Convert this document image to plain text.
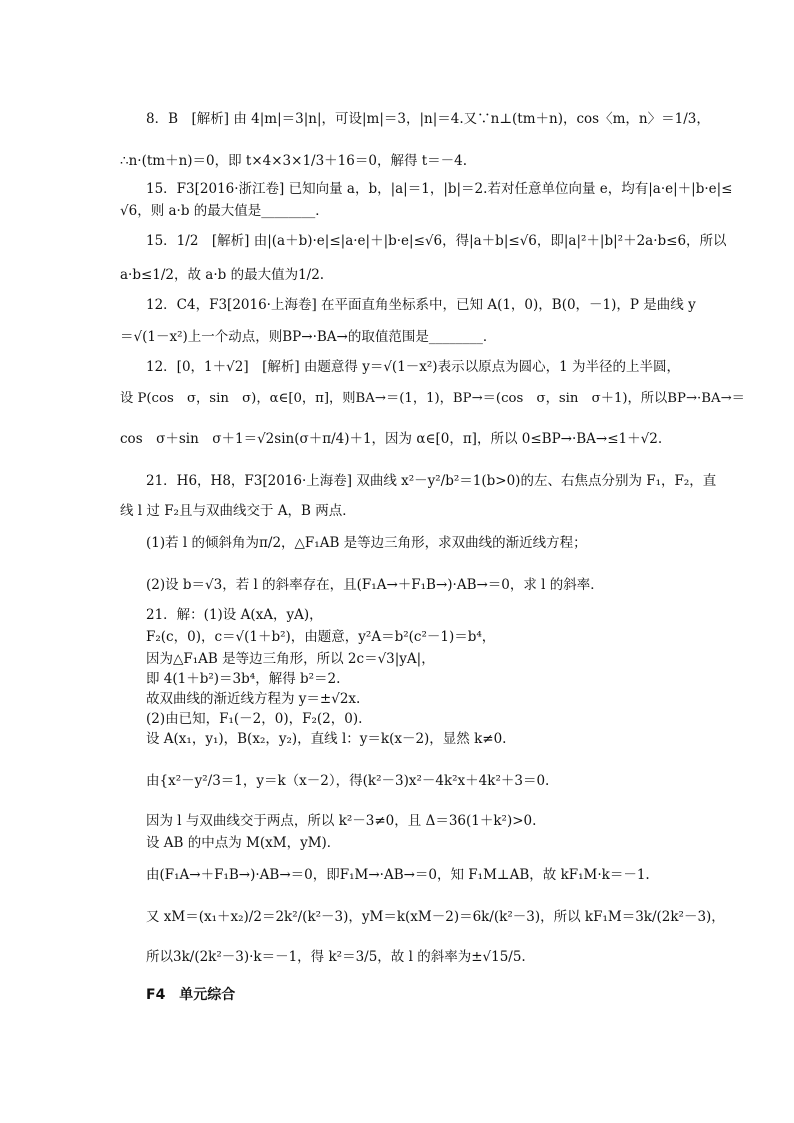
8．B　[解析] 由 4|m|＝3|n|，可设|m|＝3，|n|＝4.又∵n⊥(tm＋n)，cos〈m，n〉＝1/3，
∴n·(tm＋n)＝0，即 t×4×3×1/3＋16＝0，解得 t＝－4.
15．F3[2016·浙江卷] 已知向量 a，b，|a|＝1，|b|＝2.若对任意单位向量 e，均有|a·e|＋|b·e|≤
√6，则 a·b 的最大值是________．
15．1/2　[解析] 由|(a＋b)·e|≤|a·e|＋|b·e|≤√6，得|a＋b|≤√6，即|a|²＋|b|²＋2a·b≤6，所以
a·b≤1/2，故 a·b 的最大值为1/2.
12．C4，F3[2016·上海卷] 在平面直角坐标系中，已知 A(1，0)，B(0，－1)，P 是曲线 y
＝√(1－x²)上一个动点，则BP→·BA→的取值范围是________．
12．[0，1＋√2]　[解析] 由题意得 y＝√(1－x²)表示以原点为圆心，1 为半径的上半圆，
设 P(cos　σ，sin　σ)，α∈[0，π]，则BA→＝(1，1)，BP→＝(cos　σ，sin　σ＋1)，所以BP→·BA→＝
cos　σ＋sin　σ＋1＝√2sin(σ＋π/4)＋1，因为 α∈[0，π]，所以 0≤BP→·BA→≤1＋√2.
21．H6，H8，F3[2016·上海卷] 双曲线 x²－y²/b²＝1(b>0)的左、右焦点分别为 F₁，F₂，直
线 l 过 F₂且与双曲线交于 A，B 两点．
(1)若 l 的倾斜角为π/2，△F₁AB 是等边三角形，求双曲线的渐近线方程；
(2)设 b＝√3，若 l 的斜率存在，且(F₁A→＋F₁B→)·AB→＝0，求 l 的斜率．
21．解：(1)设 A(xA，yA)，
F₂(c，0)，c＝√(1＋b²)，由题意，y²A＝b²(c²－1)＝b⁴，
因为△F₁AB 是等边三角形，所以 2c＝√3|yA|，
即 4(1＋b²)＝3b⁴，解得 b²＝2.
故双曲线的渐近线方程为 y＝±√2x.
(2)由已知，F₁(－2，0)，F₂(2，0).
设 A(x₁，y₁)，B(x₂，y₂)，直线 l：y＝k(x－2)，显然 k≠0.
由{x²－y²/3＝1，y＝k（x－2），得(k²－3)x²－4k²x＋4k²＋3＝0.
因为 l 与双曲线交于两点，所以 k²－3≠0，且 Δ＝36(1＋k²)>0.
设 AB 的中点为 M(xM，yM)．
由(F₁A→＋F₁B→)·AB→＝0，即F₁M→·AB→＝0，知 F₁M⊥AB，故 kF₁M·k＝－1.
又 xM＝(x₁＋x₂)/2＝2k²/(k²－3)，yM＝k(xM－2)＝6k/(k²－3)，所以 kF₁M＝3k/(2k²－3)，
所以3k/(2k²－3)·k＝－1，得 k²＝3/5，故 l 的斜率为±√15/5.
F4　单元综合
